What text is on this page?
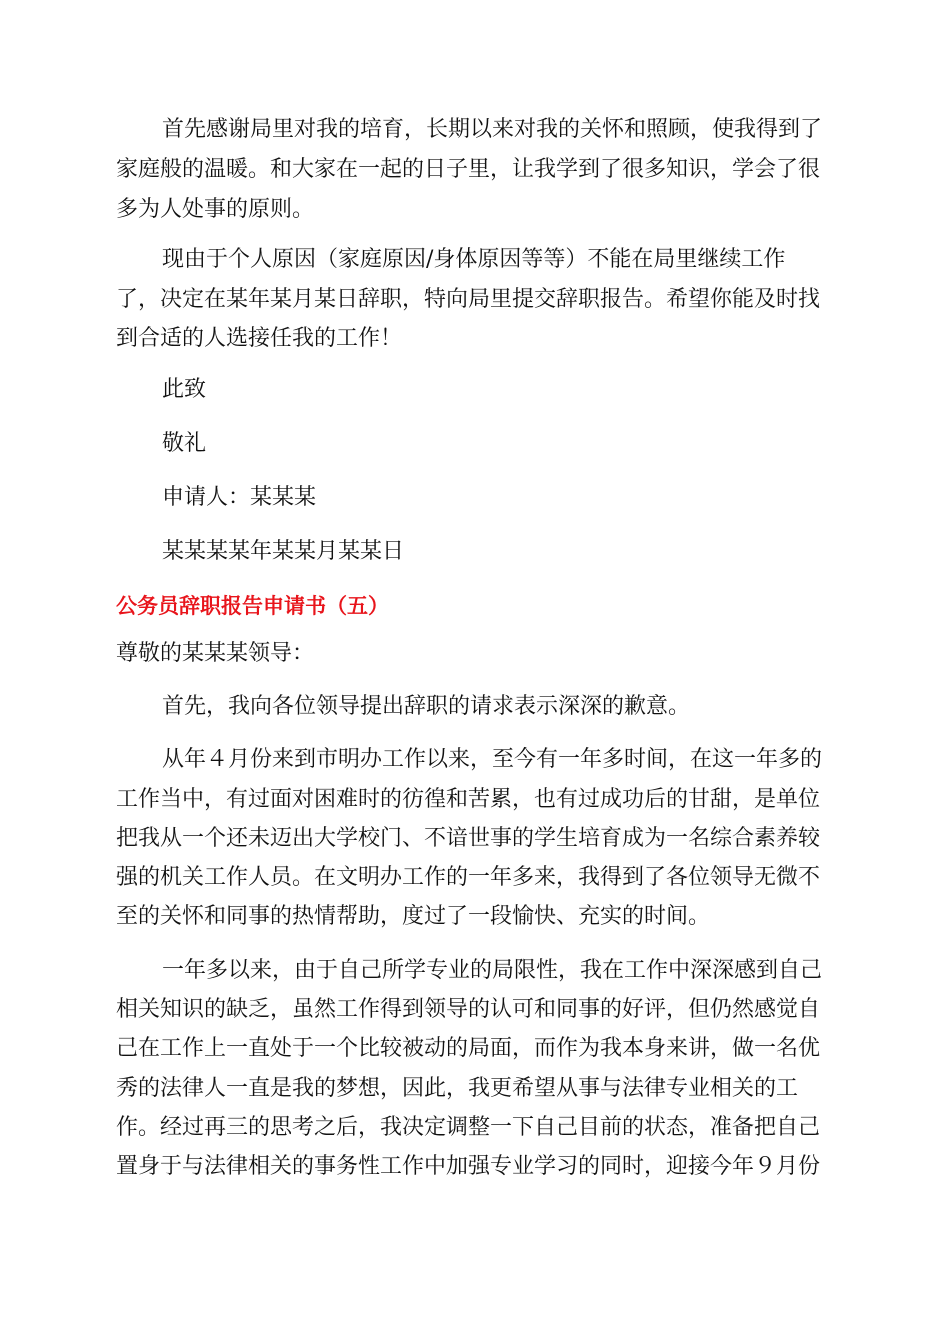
首先感谢局里对我的培育，长期以来对我的关怀和照顾，使我得到了
家庭般的温暖。和大家在一起的日子里，让我学到了很多知识，学会了很
多为人处事的原则。
现由于个人原因（家庭原因/身体原因等等）不能在局里继续工作
了，决定在某年某月某日辞职，特向局里提交辞职报告。希望你能及时找
到合适的人选接任我的工作！
此致
敬礼
申请人：某某某
某某某某年某某月某某日
公务员辞职报告申请书（五）
尊敬的某某某领导：
首先，我向各位领导提出辞职的请求表示深深的歉意。
从年４月份来到市明办工作以来，至今有一年多时间，在这一年多的
工作当中，有过面对困难时的彷徨和苦累，也有过成功后的甘甜，是单位
把我从一个还未迈出大学校门、不谙世事的学生培育成为一名综合素养较
强的机关工作人员。在文明办工作的一年多来，我得到了各位领导无微不
至的关怀和同事的热情帮助，度过了一段愉快、充实的时间。
一年多以来，由于自己所学专业的局限性，我在工作中深深感到自己
相关知识的缺乏，虽然工作得到领导的认可和同事的好评，但仍然感觉自
己在工作上一直处于一个比较被动的局面，而作为我本身来讲，做一名优
秀的法律人一直是我的梦想，因此，我更希望从事与法律专业相关的工
作。经过再三的思考之后，我决定调整一下自己目前的状态，准备把自己
置身于与法律相关的事务性工作中加强专业学习的同时，迎接今年９月份
